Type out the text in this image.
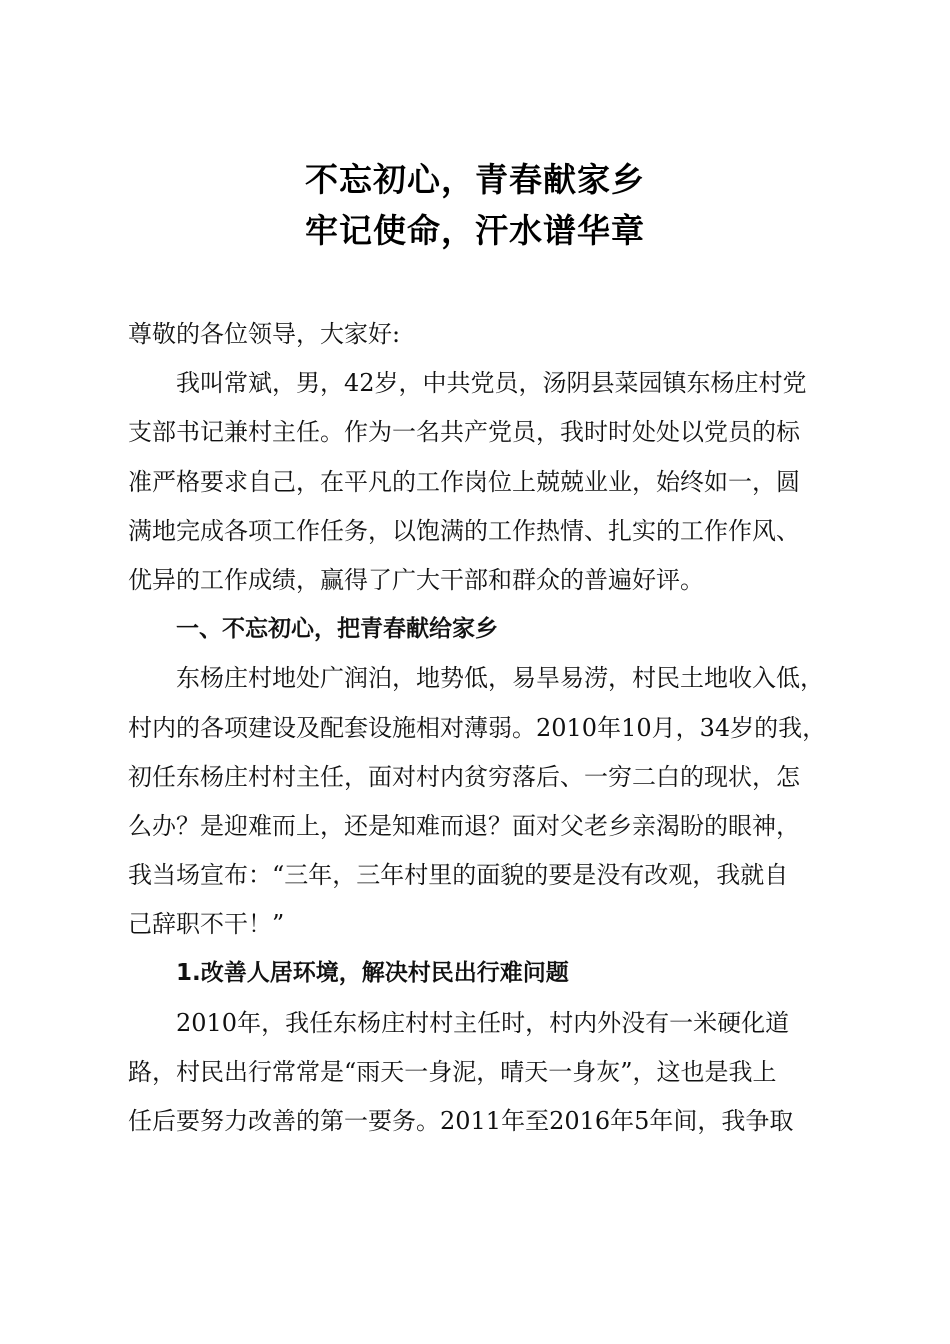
不忘初心，青春献家乡
牢记使命，汗水谱华章
尊敬的各位领导，大家好:
我叫常斌，男，42岁，中共党员，汤阴县菜园镇东杨庄村党
支部书记兼村主任。作为一名共产党员，我时时处处以党员的标
准严格要求自己，在平凡的工作岗位上兢兢业业，始终如一，圆
满地完成各项工作任务，以饱满的工作热情、扎实的工作作风、
优异的工作成绩，赢得了广大干部和群众的普遍好评。
一、不忘初心，把青春献给家乡
东杨庄村地处广润泊，地势低，易旱易涝，村民土地收入低，
村内的各项建设及配套设施相对薄弱。2010年10月，34岁的我，
初任东杨庄村村主任，面对村内贫穷落后、一穷二白的现状，怎
么办？是迎难而上，还是知难而退？面对父老乡亲渴盼的眼神，
我当场宣布：“三年，三年村里的面貌的要是没有改观，我就自
己辞职不干！”
1.改善人居环境，解决村民出行难问题
2010年，我任东杨庄村村主任时，村内外没有一米硬化道
路，村民出行常常是“雨天一身泥，晴天一身灰”，这也是我上
任后要努力改善的第一要务。2011年至2016年5年间，我争取
